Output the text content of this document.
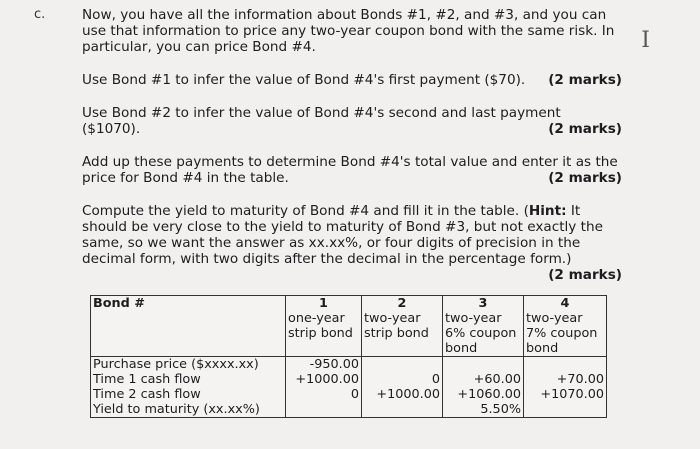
c.
I
Now, you have all the information about Bonds #1, #2, and #3, and you can
use that information to price any two-year coupon bond with the same risk. In
particular, you can price Bond #4.
Use Bond #1 to infer the value of Bond #4's first payment ($70). (2 marks)
Use Bond #2 to infer the value of Bond #4's second and last payment
($1070).	(2 marks)
Add up these payments to determine Bond #4's total value and enter it as the
price for Bond #4 in the table.	(2 marks)
Compute the yield to maturity of Bond #4 and fill it in the table. (Hint: It
should be very close to the yield to maturity of Bond #3, but not exactly the
same, so we want the answer as xx.xx%, or four digits of precision in the
decimal form, with two digits after the decimal in the percentage form.)
(2 marks)
Bond #	1	2	3	4
	one-year	two-year	two-year	two-year
	strip bond	strip bond	6% coupon	7% coupon
			bond	bond
Purchase price ($xxxx.xx)	-950.00			
Time 1 cash flow	+1000.00	0	+60.00	+70.00
Time 2 cash flow	0	+1000.00	+1060.00	+1070.00
Yield to maturity (xx.xx%)			5.50%	
